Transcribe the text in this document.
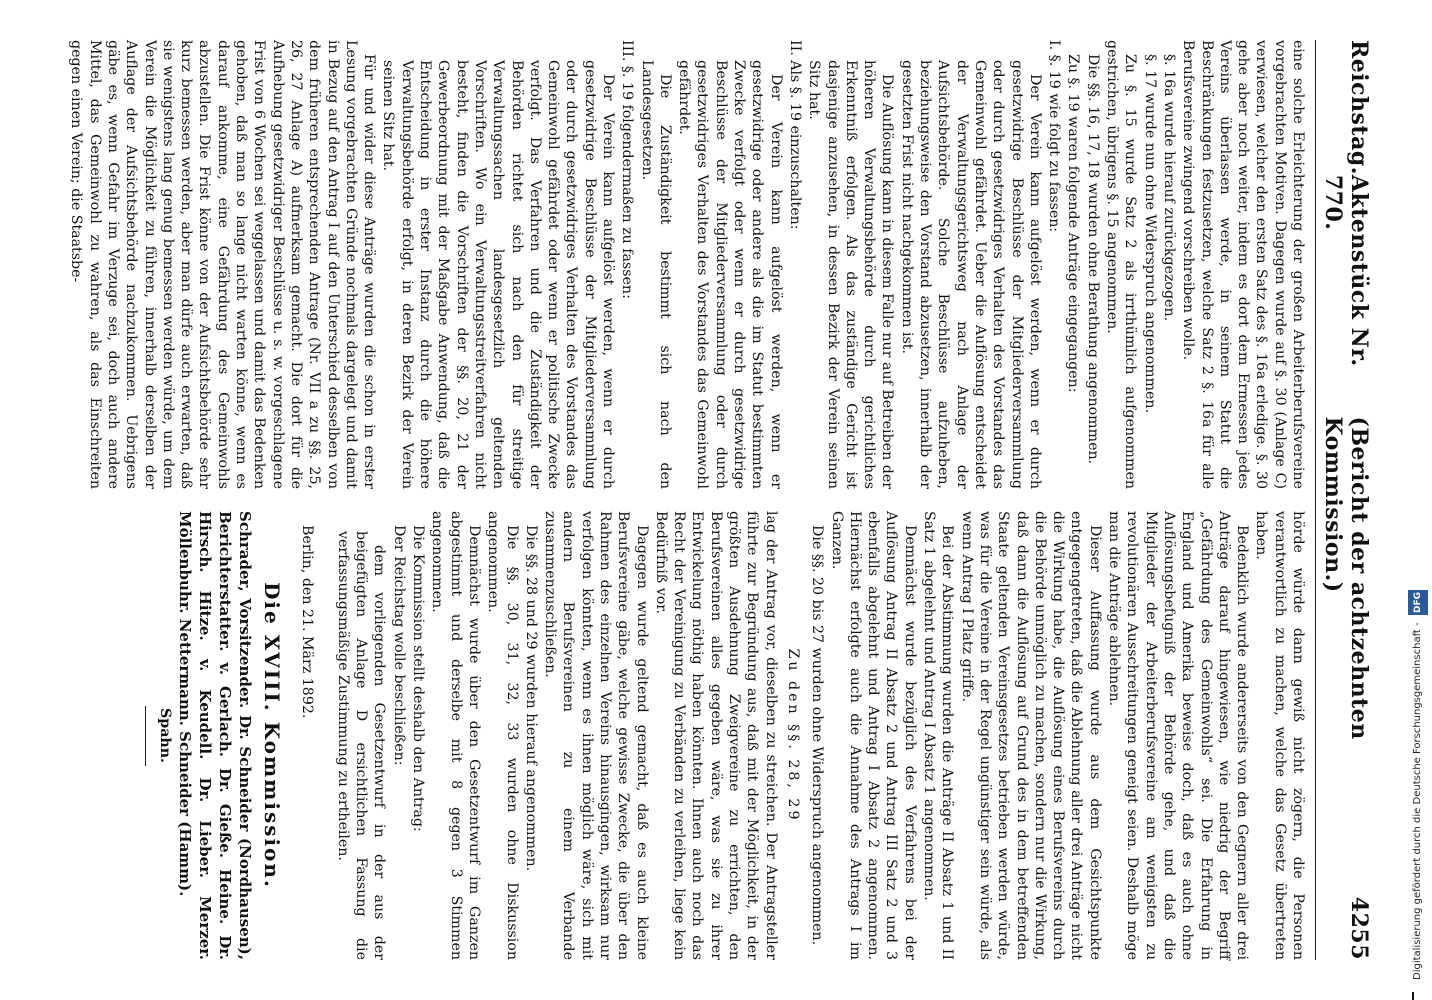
Reichstag.
Aktenstück Nr. 770.
(Bericht der achtzehnten Kommission.)
4255

eine solche Erleichterung der großen Arbeiterberufsvereine vorgebrachten Motiven. Dagegen wurde auf §. 30 (Anlage C) verwiesen, welcher den ersten Satz des §. 16a erledige. §. 30 gehe aber noch weiter, indem es dort dem Ermessen jedes Vereins überlassen werde, in seinem Statut die Beschränkungen festzusetzen, welche Satz 2 §. 16a für alle Berufsvereine zwingend vorschreiben wolle.

§. 16a wurde hierauf zurückgezogen.

§. 17 wurde nun ohne Widerspruch angenommen.

Zu §. 15 wurde Satz 2 als irrthümlich aufgenommen gestrichen, übrigens §. 15 angenommen.

Die §§. 16, 17, 18 wurden ohne Berathung angenommen.

Zu §. 19 waren folgende Anträge eingegangen:

I. §. 19 wie folgt zu fassen:

Der Verein kann aufgelöst werden, wenn er durch gesetzwidrige Beschlüsse der Mitgliederversammlung oder durch gesetzwidriges Verhalten des Vorstandes das Gemeinwohl gefährdet. Ueber die Auflösung entscheidet der Verwaltungsgerichtsweg nach Anlage der Aufsichtsbehörde. Solche Beschlüsse aufzuheben, beziehungsweise den Vorstand abzusetzen, innerhalb der gesetzten Frist nicht nachgekommen ist.

Die Auflösung kann in diesem Falle nur auf Betreiben der höheren Verwaltungsbehörde durch gerichtliches Erkenntniß erfolgen. Als das zuständige Gericht ist dasjenige anzusehen, in dessen Bezirk der Verein seinen Sitz hat.

II. Als §. 19 einzuschalten:

Der Verein kann aufgelöst werden, wenn er gesetzwidrige oder andere als die im Statut bestimmten Zwecke verfolgt oder wenn er durch gesetzwidrige Beschlüsse der Mitgliederversammlung oder durch gesetzwidriges Verhalten des Vorstandes das Gemeinwohl gefährdet.

Die Zuständigkeit bestimmt sich nach den Landesgesetzen.

III. §. 19 folgendermaßen zu fassen:

Der Verein kann aufgelöst werden, wenn er durch gesetzwidrige Beschlüsse der Mitgliederversammlung oder durch gesetzwidriges Verhalten des Vorstandes das Gemeinwohl gefährdet oder wenn er politische Zwecke verfolgt. Das Verfahren und die Zuständigkeit der Behörden richtet sich nach den für streitige Verwaltungssachen landesgesetzlich geltenden Vorschriften. Wo ein Verwaltungsstreitverfahren nicht besteht, finden die Vorschriften der §§. 20, 21 der Gewerbeordnung mit der Maßgabe Anwendung, daß die Entscheidung in erster Instanz durch die höhere Verwaltungsbehörde erfolgt, in deren Bezirk der Verein seinen Sitz hat.

Für und wider diese Anträge wurden die schon in erster Lesung vorgebrachten Gründe nochmals dargelegt und damit in Bezug auf den Antrag I auf den Unterschied desselben von dem früheren entsprechenden Antrage (Nr. VII a zu §§. 25, 26, 27 Anlage A) aufmerksam gemacht. Die dort für die Aufhebung gesetzwidriger Beschlüsse u. s. w. vorgeschlagene Frist von 6 Wochen sei weggelassen und damit das Bedenken gehoben, daß man so lange nicht warten könne, wenn es darauf ankomme, eine Gefährdung des Gemeinwohls abzustellen. Die Frist könne von der Aufsichtsbehörde sehr kurz bemessen werden, aber man dürfe auch erwarten, daß sie wenigstens lang genug bemessen werden würde, um dem Verein die Möglichkeit zu führen, innerhalb derselben der Auflage der Aufsichtsbehörde nachzukommen. Uebrigens gäbe es, wenn Gefahr im Verzuge sei, doch auch andere Mittel, das Gemeinwohl zu wahren, als das Einschreiten gegen einen Verein; die Staatsbe-

hörde würde dann gewiß nicht zögern, die Personen verantwortlich zu machen, welche das Gesetz übertreten haben.

Bedenklich wurde andererseits von den Gegnern aller drei Anträge darauf hingewiesen, wie niedrig der Begriff „Gefährdung des Gemeinwohls“ sei. Die Erfahrung in England und Amerika beweise doch, daß es auch ohne Auflösungsbefugniß der Behörde gehe, und daß die Mitglieder der Arbeiterberufsvereine am wenigsten zu revolutionären Ausschreitungen geneigt seien. Deshalb möge man die Anträge ablehnen.

Dieser Auffassung wurde aus dem Gesichtspunkte entgegengetreten, daß die Ablehnung aller drei Anträge nicht die Wirkung habe, die Auflösung eines Berufsvereins durch die Behörde unmöglich zu machen, sondern nur die Wirkung, daß dann die Auflösung auf Grund des in dem betreffenden Staate geltenden Vereinsgesetzes betrieben werden würde, was für die Vereine in der Regel ungünstiger sein würde, als wenn Antrag I Platz griffe.

Bei der Abstimmung wurden die Anträge II Absatz 1 und II Satz 1 abgelehnt und Antrag I Absatz 1 angenommen.

Demnächst wurde bezüglich des Verfahrens bei der Auflösung Antrag II Absatz 2 und Antrag III Satz 2 und 3 ebenfalls abgelehnt und Antrag I Absatz 2 angenommen. Hiernächst erfolgte auch die Annahme des Antrags I im Ganzen.

Die §§. 20 bis 27 wurden ohne Widerspruch angenommen.

Zu den §§. 28, 29

lag der Antrag vor, dieselben zu streichen. Der Antragsteller führte zur Begründung aus, daß mit der Möglichkeit, in der größten Ausdehnung Zweigvereine zu errichten, den Berufsvereinen alles gegeben wäre, was sie zu ihrer Entwickelung nöthig haben könnten. Ihnen auch noch das Recht der Vereinigung zu Verbänden zu verleihen, liege kein Bedürfniß vor.

Dagegen wurde geltend gemacht, daß es auch kleine Berufsvereine gäbe, welche gewisse Zwecke, die über den Rahmen des einzelnen Vereins hinausgingen, wirksam nur verfolgen könnten, wenn es ihnen möglich wäre, sich mit andern Berufsvereinen zu einem Verbande zusammenzuschließen.

Die §§. 28 und 29 wurden hierauf angenommen.

Die §§. 30, 31, 32, 33 wurden ohne Diskussion angenommen.

Demnächst wurde über den Gesetzentwurf im Ganzen abgestimmt und derselbe mit 8 gegen 3 Stimmen angenommen.

Die Kommission stellt deshalb den Antrag:

Der Reichstag wolle beschließen:

dem vorliegenden Gesetzentwurf in der aus der beigefügten Anlage D ersichtlichen Fassung die verfassungsmäßige Zustimmung zu ertheilen.

Berlin, den 21. März 1892.

Die XVIII. Kommission.

Schrader, Vorsitzender. Dr. Schneider (Nordhausen), Berichterstatter. v. Gerlach. Dr. Gieße. Heine. Dr. Hirsch. Hitze. v. Keudell. Dr. Lieber. Merzer. Möllenbuhr. Nettermann. Schneider (Hamm).

Spahn.	Digitalisierung gefördert durch die Deutsche Forschungsgemeinschaft - DFG
